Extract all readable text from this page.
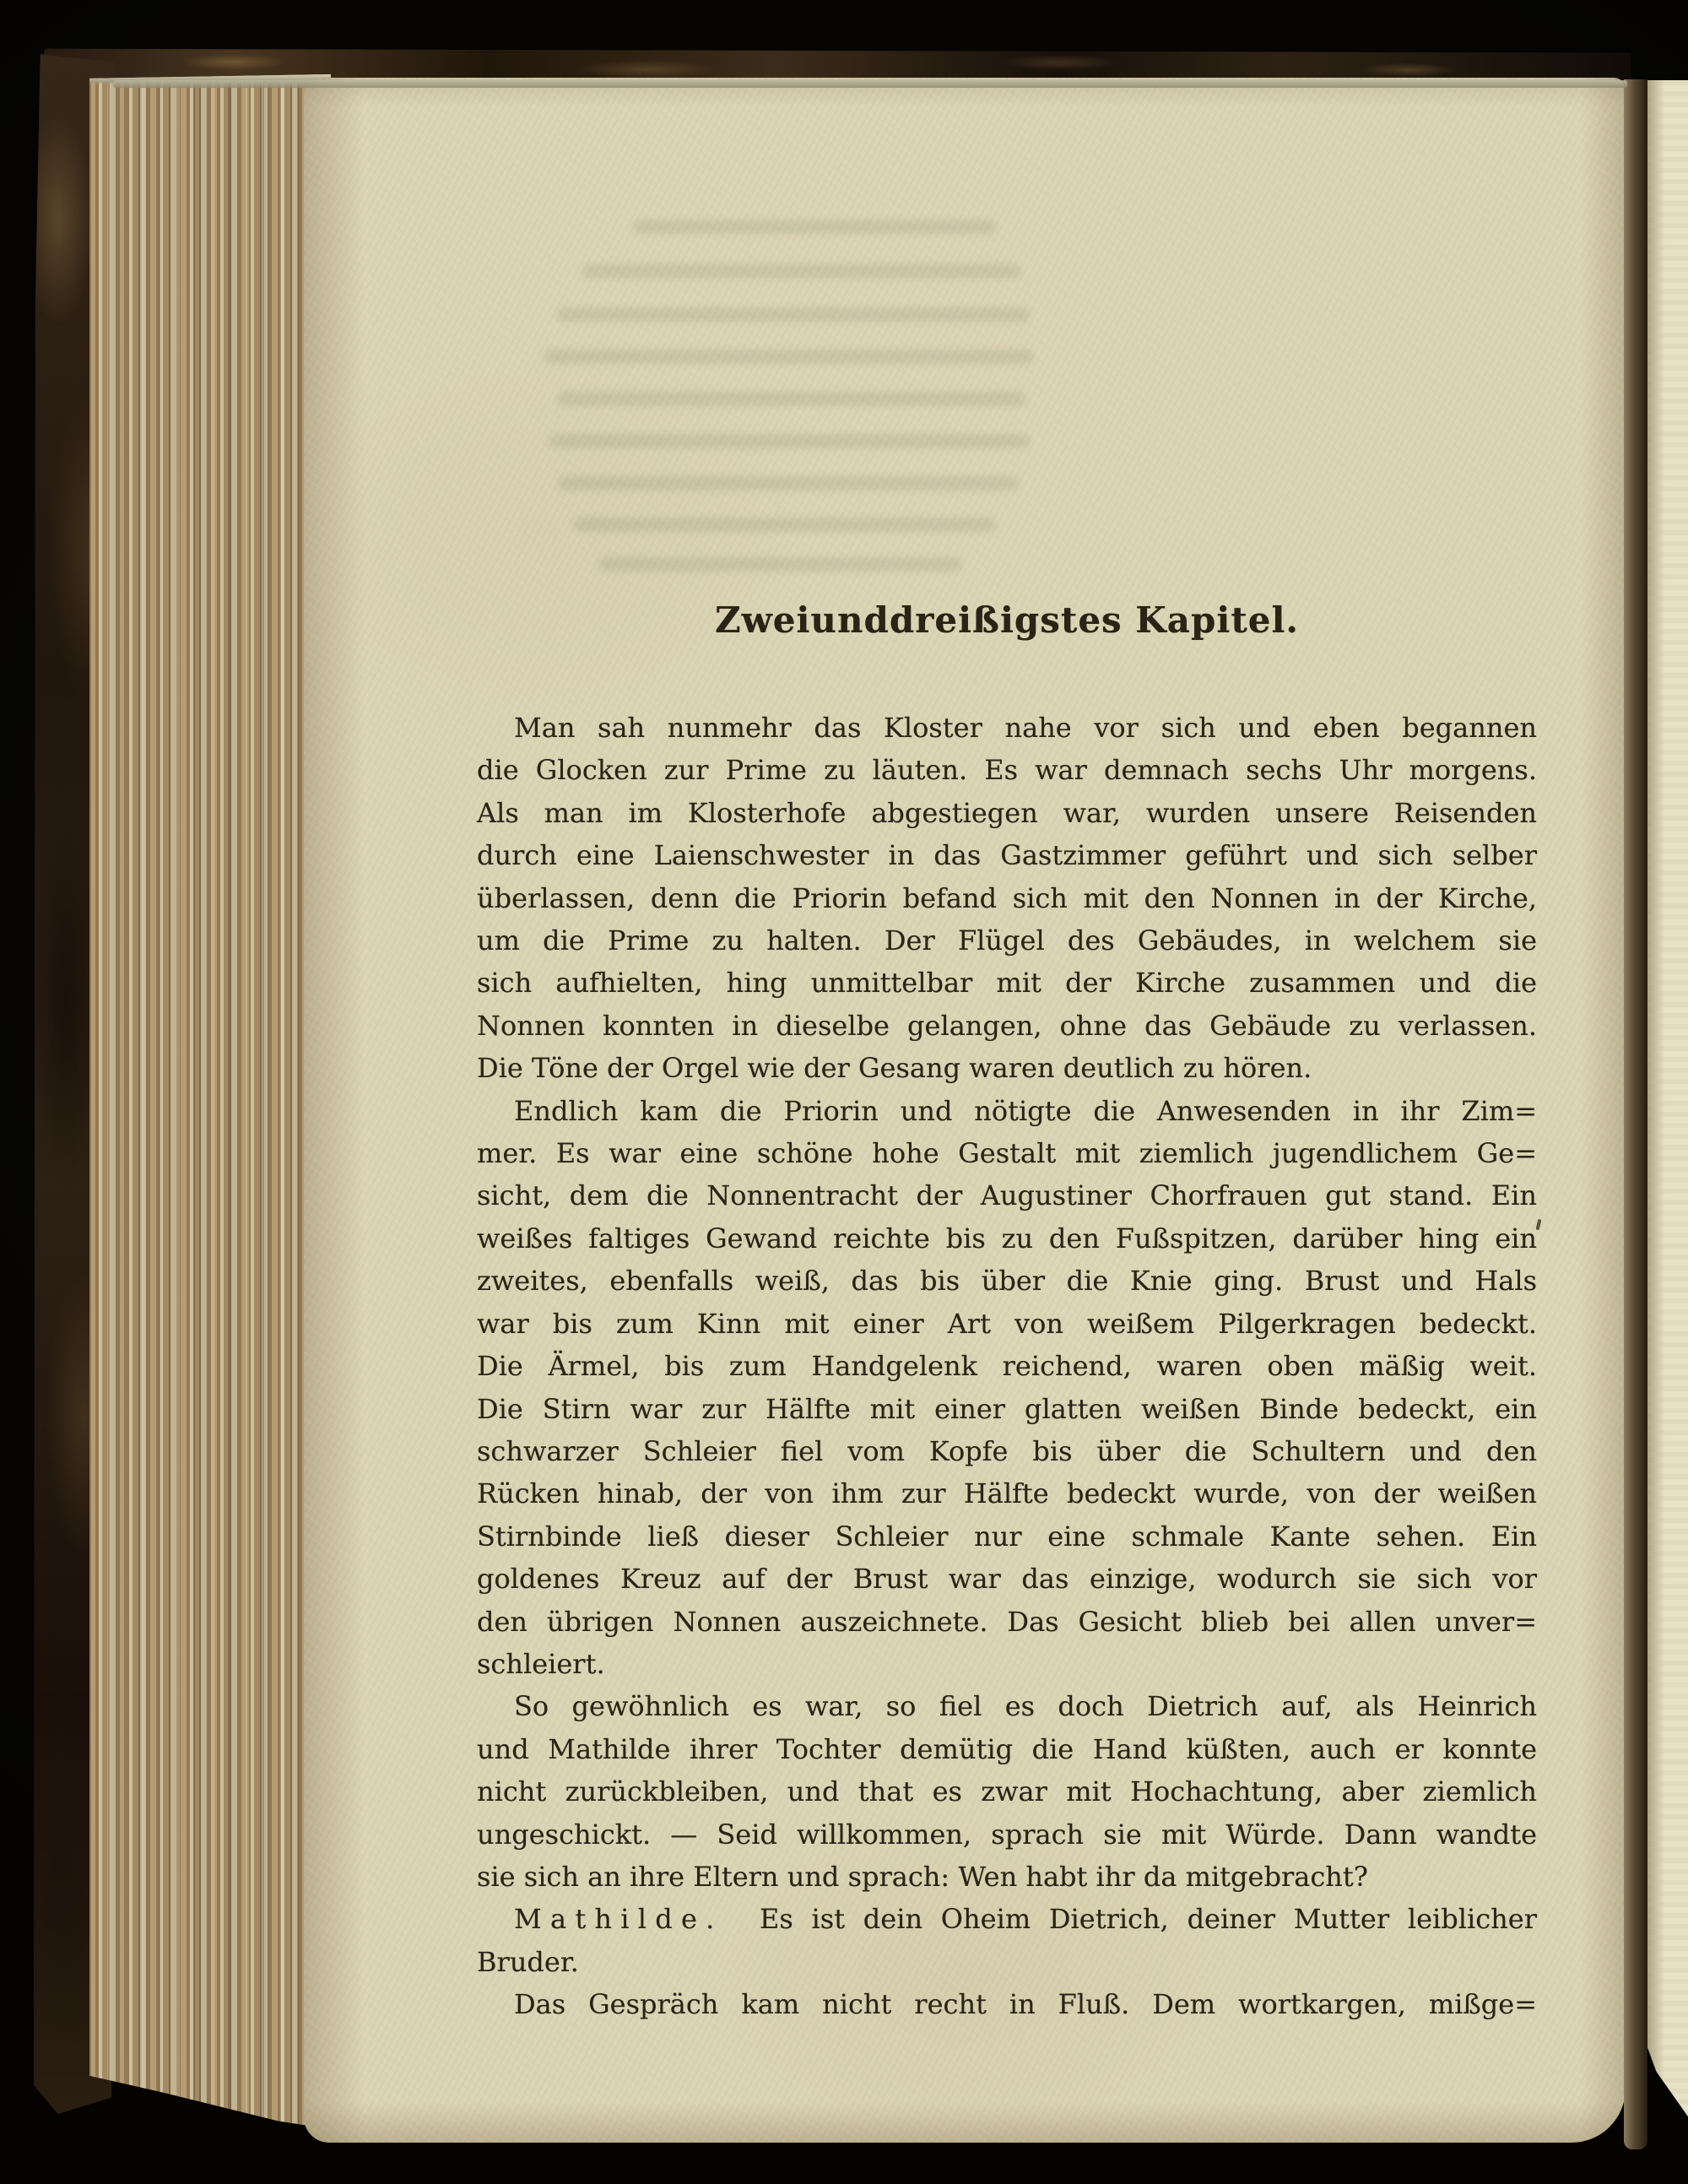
Zweiunddreißigstes Kapitel.
Man sah nunmehr das Kloster nahe vor sich und eben begannen
die Glocken zur Prime zu läuten. Es war demnach sechs Uhr morgens.
Als man im Klosterhofe abgestiegen war, wurden unsere Reisenden
durch eine Laienschwester in das Gastzimmer geführt und sich selber
überlassen, denn die Priorin befand sich mit den Nonnen in der Kirche,
um die Prime zu halten. Der Flügel des Gebäudes, in welchem sie
sich aufhielten, hing unmittelbar mit der Kirche zusammen und die
Nonnen konnten in dieselbe gelangen, ohne das Gebäude zu verlassen.
Die Töne der Orgel wie der Gesang waren deutlich zu hören.
Endlich kam die Priorin und nötigte die Anwesenden in ihr Zim=
mer. Es war eine schöne hohe Gestalt mit ziemlich jugendlichem Ge=
sicht, dem die Nonnentracht der Augustiner Chorfrauen gut stand. Ein
weißes faltiges Gewand reichte bis zu den Fußspitzen, darüber hing ein
zweites, ebenfalls weiß, das bis über die Knie ging. Brust und Hals
war bis zum Kinn mit einer Art von weißem Pilgerkragen bedeckt.
Die Ärmel, bis zum Handgelenk reichend, waren oben mäßig weit.
Die Stirn war zur Hälfte mit einer glatten weißen Binde bedeckt, ein
schwarzer Schleier fiel vom Kopfe bis über die Schultern und den
Rücken hinab, der von ihm zur Hälfte bedeckt wurde, von der weißen
Stirnbinde ließ dieser Schleier nur eine schmale Kante sehen. Ein
goldenes Kreuz auf der Brust war das einzige, wodurch sie sich vor
den übrigen Nonnen auszeichnete. Das Gesicht blieb bei allen unver=
schleiert.
So gewöhnlich es war, so fiel es doch Dietrich auf, als Heinrich
und Mathilde ihrer Tochter demütig die Hand küßten, auch er konnte
nicht zurückbleiben, und that es zwar mit Hochachtung, aber ziemlich
ungeschickt. — Seid willkommen, sprach sie mit Würde. Dann wandte
sie sich an ihre Eltern und sprach: Wen habt ihr da mitgebracht?
Mathilde.  Es ist dein Oheim Dietrich, deiner Mutter leiblicher
Bruder.
Das Gespräch kam nicht recht in Fluß. Dem wortkargen, mißge=
